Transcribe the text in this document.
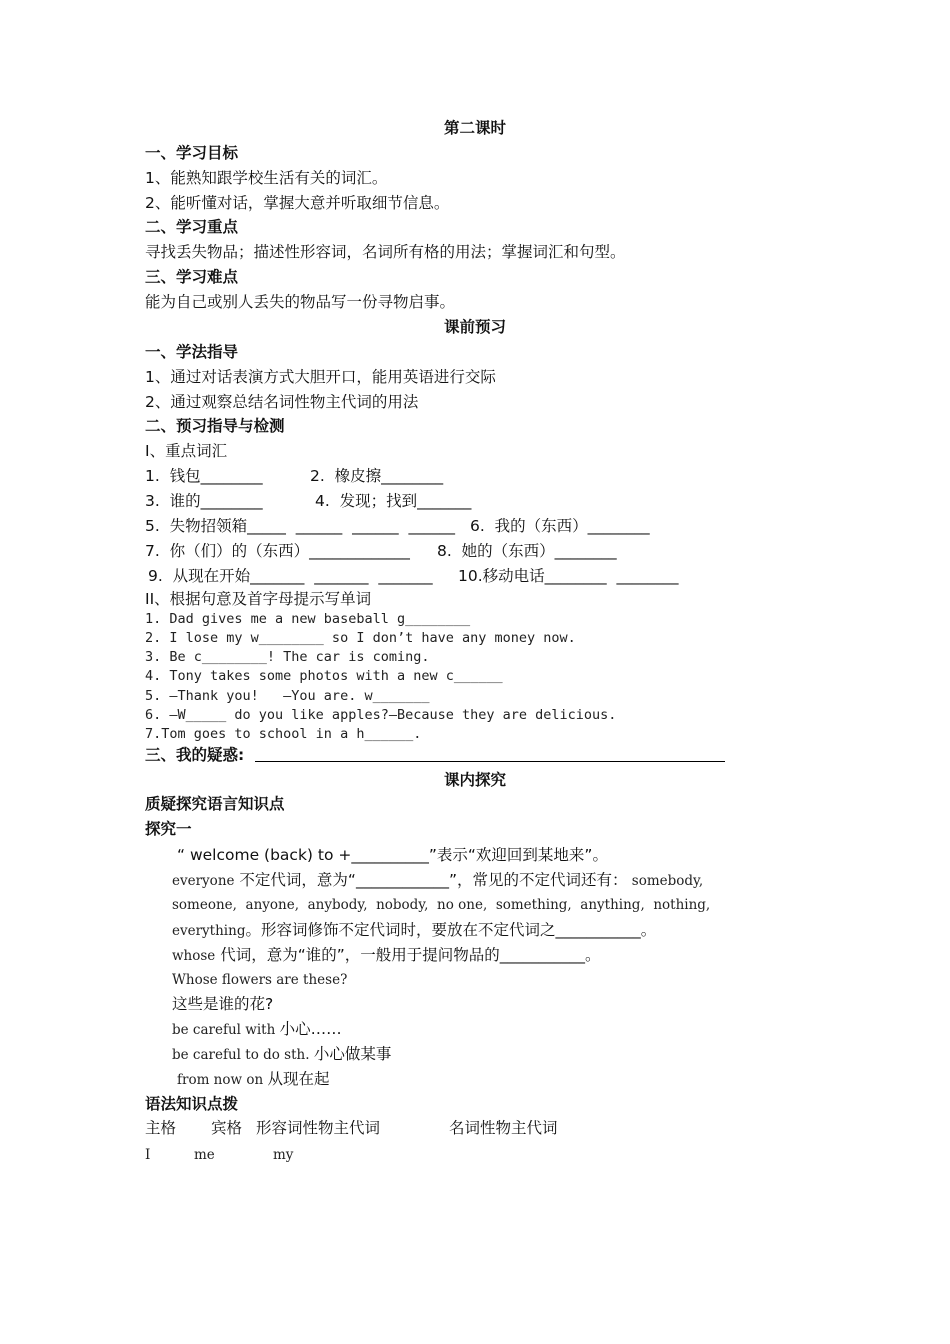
第二课时
一、学习目标
1、能熟知跟学校生活有关的词汇。
2、能听懂对话，掌握大意并听取细节信息。
二、学习重点
寻找丢失物品；描述性形容词，名词所有格的用法；掌握词汇和句型。
三、学习难点
能为自己或别人丢失的物品写一份寻物启事。
课前预习
一、学法指导
1、通过对话表演方式大胆开口，能用英语进行交际
2、通过观察总结名词性物主代词的用法
二、预习指导与检测
I、重点词汇
1.  钱包________	2.  橡皮擦________
3.  谁的________	4.  发现；找到_______
5.  失物招领箱_____  ______  ______  ______ 6.  我的（东西）________
7.  你（们）的（东西）_____________ 8.  她的（东西）________
9.  从现在开始_______  _______  _______ 10.移动电话________  ________
II、根据句意及首字母提示写单词
1. Dad gives me a new baseball g________
2. I lose my w________ so I don’t have any money now.
3. Be c________! The car is coming.
4. Tony takes some photos with a new c______
5. —Thank you!   —You are. w_______
6. —W_____ do you like apples?—Because they are delicious.
7.Tom goes to school in a h______.
三、我的疑惑:
课内探究
质疑探究语言知识点
探究一
“ welcome (back) to +__________”表示“欢迎回到某地来”。
everyone 不定代词，意为“____________”，常见的不定代词还有： somebody,
someone,  anyone,  anybody,  nobody,  no one,  something,  anything,  nothing,
everything。形容词修饰不定代词时，要放在不定代词之___________。
whose 代词，意为“谁的”，一般用于提问物品的___________。
Whose flowers are these?
这些是谁的花?
be careful with 小心……
be careful to do sth. 小心做某事
from now on 从现在起
语法知识点拨
主格 宾格 形容词性物主代词	名词性物主代词
I	me	my
